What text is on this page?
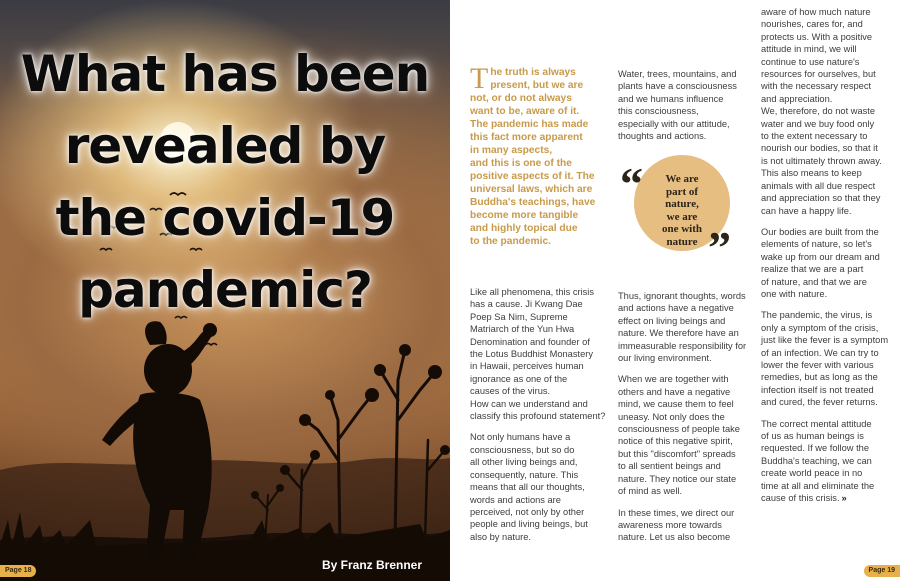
What has been
revealed by
the covid-19
pandemic?
By Franz Brenner
Page 18
T he truth is always
present, but we are
not, or do not always
want to be, aware of it.
The pandemic has made
this fact more apparent
in many aspects,
and this is one of the
positive aspects of it. The
universal laws, which are
Buddha's teachings, have
become more tangible
and highly topical due
to the pandemic.

Like all phenomena, this crisis
has a cause. Ji Kwang Dae
Poep Sa Nim, Supreme
Matriarch of the Yun Hwa
Denomination and founder of
the Lotus Buddhist Monastery
in Hawaii, perceives human
ignorance as one of the
causes of the virus.
How can we understand and
classify this profound statement?

Not only humans have a
consciousness, but so do
all other living beings and,
consequently, nature. This
means that all our thoughts,
words and actions are
perceived, not only by other
people and living beings, but
also by nature.

Water, trees, mountains, and
plants have a consciousness
and we humans influence
this consciousness,
especially with our attitude,
thoughts and actions.

We are
part of
nature,
we are
one with
nature
“
”

Thus, ignorant thoughts, words
and actions have a negative
effect on living beings and
nature. We therefore have an
immeasurable responsibility for
our living environment.

When we are together with
others and have a negative
mind, we cause them to feel
uneasy. Not only does the
consciousness of people take
notice of this negative spirit,
but this "discomfort" spreads
to all sentient beings and
nature. They notice our state
of mind as well.

In these times, we direct our
awareness more towards
nature. Let us also become

aware of how much nature
nourishes, cares for, and
protects us. With a positive
attitude in mind, we will
continue to use nature's
resources for ourselves, but
with the necessary respect
and appreciation.
We, therefore, do not waste
water and we buy food only
to the extent necessary to
nourish our bodies, so that it
is not ultimately thrown away.
This also means to keep
animals with all due respect
and appreciation so that they
can have a happy life.

Our bodies are built from the
elements of nature, so let's
wake up from our dream and
realize that we are a part
of nature, and that we are
one with nature.

The pandemic, the virus, is
only a symptom of the crisis,
just like the fever is a symptom
of an infection. We can try to
lower the fever with various
remedies, but as long as the
infection itself is not treated
and cured, the fever returns.

The correct mental attitude
of us as human beings is
requested. If we follow the
Buddha's teaching, we can
create world peace in no
time at all and eliminate the
cause of this crisis. »

Page 19
